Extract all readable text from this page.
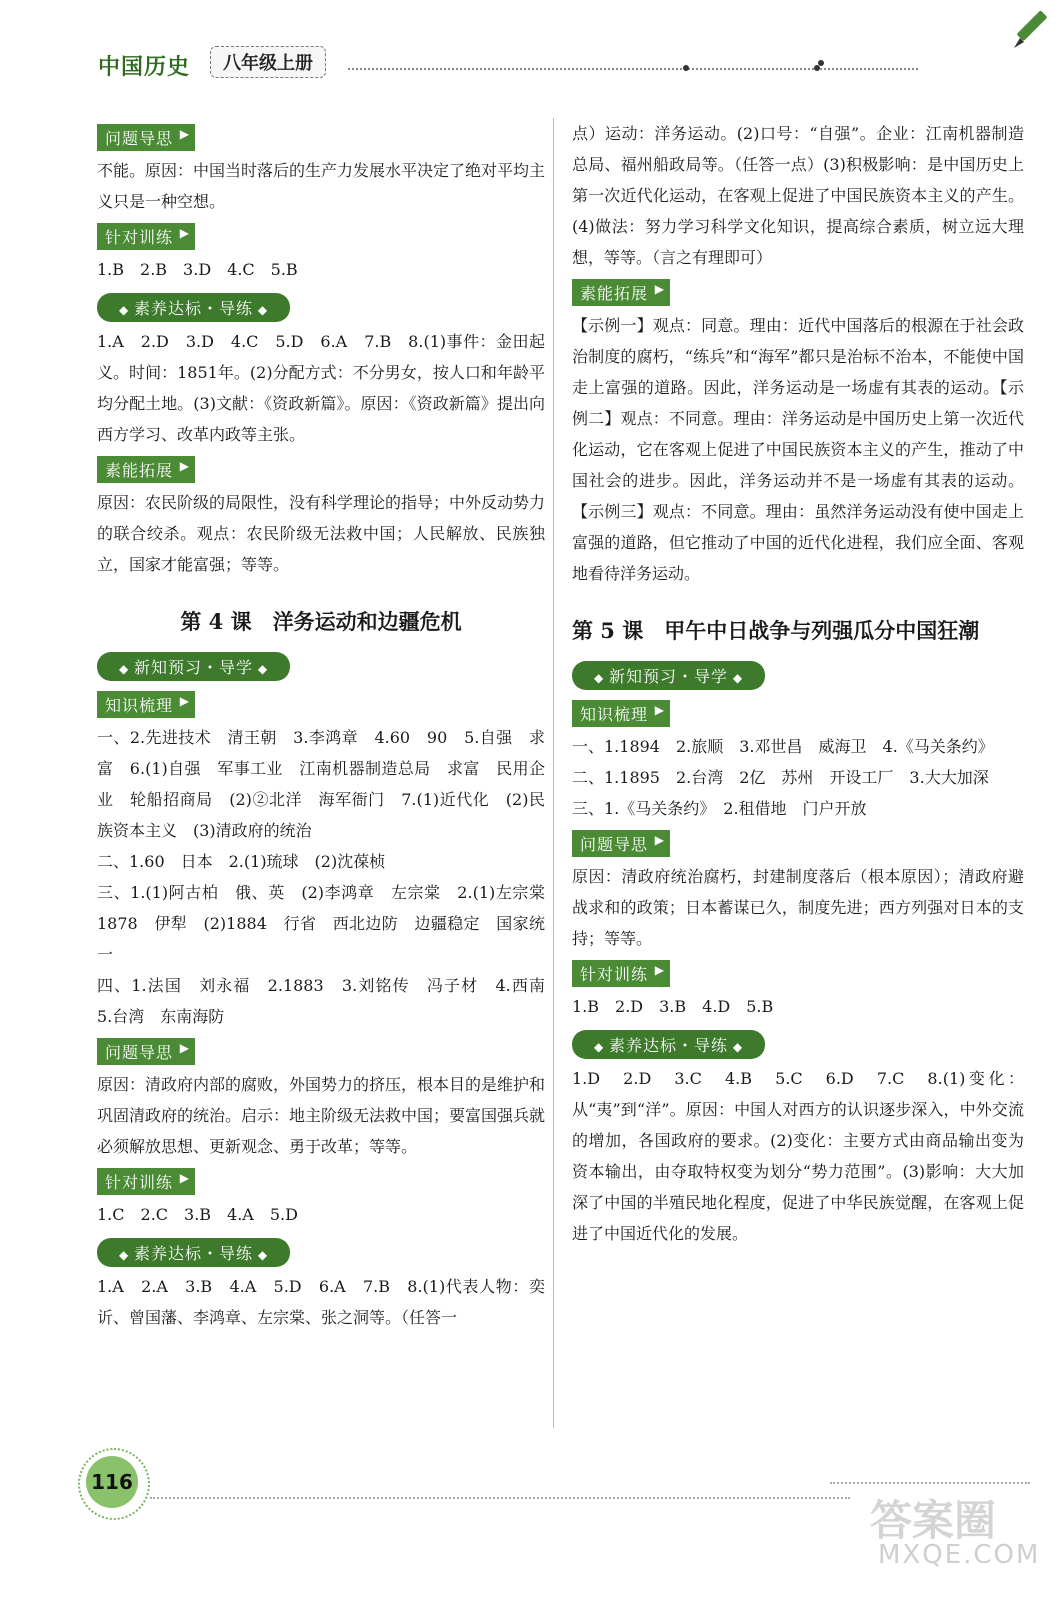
中国历史	八年级上册
问题导思 ▶

不能。原因：中国当时落后的生产力发展水平决定了绝对平均主义只是一种空想。

针对训练 ▶

1.B　2.B　3.D　4.C　5.B

◆ 素养达标・导练 ◆

1.A　2.D　3.D　4.C　5.D　6.A　7.B　8.(1)事件：金田起义。时间：1851年。(2)分配方式：不分男女，按人口和年龄平均分配土地。(3)文献：《资政新篇》。原因：《资政新篇》提出向西方学习、改革内政等主张。

素能拓展 ▶

原因：农民阶级的局限性，没有科学理论的指导；中外反动势力的联合绞杀。观点：农民阶级无法救中国；人民解放、民族独立，国家才能富强；等等。

第 4 课　洋务运动和边疆危机
◆ 新知预习・导学 ◆
知识梳理 ▶

一、2.先进技术　清王朝　3.李鸿章　4.60　90　5.自强　求富　6.(1)自强　军事工业　江南机器制造总局　求富　民用企业　轮船招商局　(2)②北洋　海军衙门　7.(1)近代化　(2)民族资本主义　(3)清政府的统治

二、1.60　日本　2.(1)琉球　(2)沈葆桢

三、1.(1)阿古柏　俄、英　(2)李鸿章　左宗棠　2.(1)左宗棠　1878　伊犁　(2)1884　行省　西北边防　边疆稳定　国家统一

四、1.法国　刘永福　2.1883　3.刘铭传　冯子材　4.西南　5.台湾　东南海防

问题导思 ▶

原因：清政府内部的腐败，外国势力的挤压，根本目的是维护和巩固清政府的统治。启示：地主阶级无法救中国；要富国强兵就必须解放思想、更新观念、勇于改革；等等。

针对训练 ▶

1.C　2.C　3.B　4.A　5.D

◆ 素养达标・导练 ◆

1.A　2.A　3.B　4.A　5.D　6.A　7.B　8.(1)代表人物：奕䜣、曾国藩、李鸿章、左宗棠、张之洞等。（任答一

点）运动：洋务运动。(2)口号：“自强”。企业：江南机器制造总局、福州船政局等。（任答一点）(3)积极影响：是中国历史上第一次近代化运动，在客观上促进了中国民族资本主义的产生。(4)做法：努力学习科学文化知识，提高综合素质，树立远大理想，等等。（言之有理即可）

素能拓展 ▶

【示例一】观点：同意。理由：近代中国落后的根源在于社会政治制度的腐朽，“练兵”和“海军”都只是治标不治本，不能使中国走上富强的道路。因此，洋务运动是一场虚有其表的运动。【示例二】观点：不同意。理由：洋务运动是中国历史上第一次近代化运动，它在客观上促进了中国民族资本主义的产生，推动了中国社会的进步。因此，洋务运动并不是一场虚有其表的运动。【示例三】观点：不同意。理由：虽然洋务运动没有使中国走上富强的道路，但它推动了中国的近代化进程，我们应全面、客观地看待洋务运动。

第 5 课　甲午中日战争与列强瓜分中国狂潮
◆ 新知预习・导学 ◆
知识梳理 ▶

一、1.1894　2.旅顺　3.邓世昌　威海卫　4.《马关条约》

二、1.1895　2.台湾　2亿　苏州　开设工厂　3.大大加深

三、1.《马关条约》　2.租借地　门户开放

问题导思 ▶

原因：清政府统治腐朽，封建制度落后（根本原因）；清政府避战求和的政策；日本蓄谋已久，制度先进；西方列强对日本的支持；等等。

针对训练 ▶

1.B　2.D　3.B　4.D　5.B

◆ 素养达标・导练 ◆

1.D　2.D　3.C　4.B　5.C　6.D　7.C　8.(1)变化：从“夷”到“洋”。原因：中国人对西方的认识逐步深入，中外交流的增加，各国政府的要求。(2)变化：主要方式由商品输出变为资本输出，由夺取特权变为划分“势力范围”。(3)影响：大大加深了中国的半殖民地化程度，促进了中华民族觉醒，在客观上促进了中国近代化的发展。

116
答案圈
MXQE.COM
